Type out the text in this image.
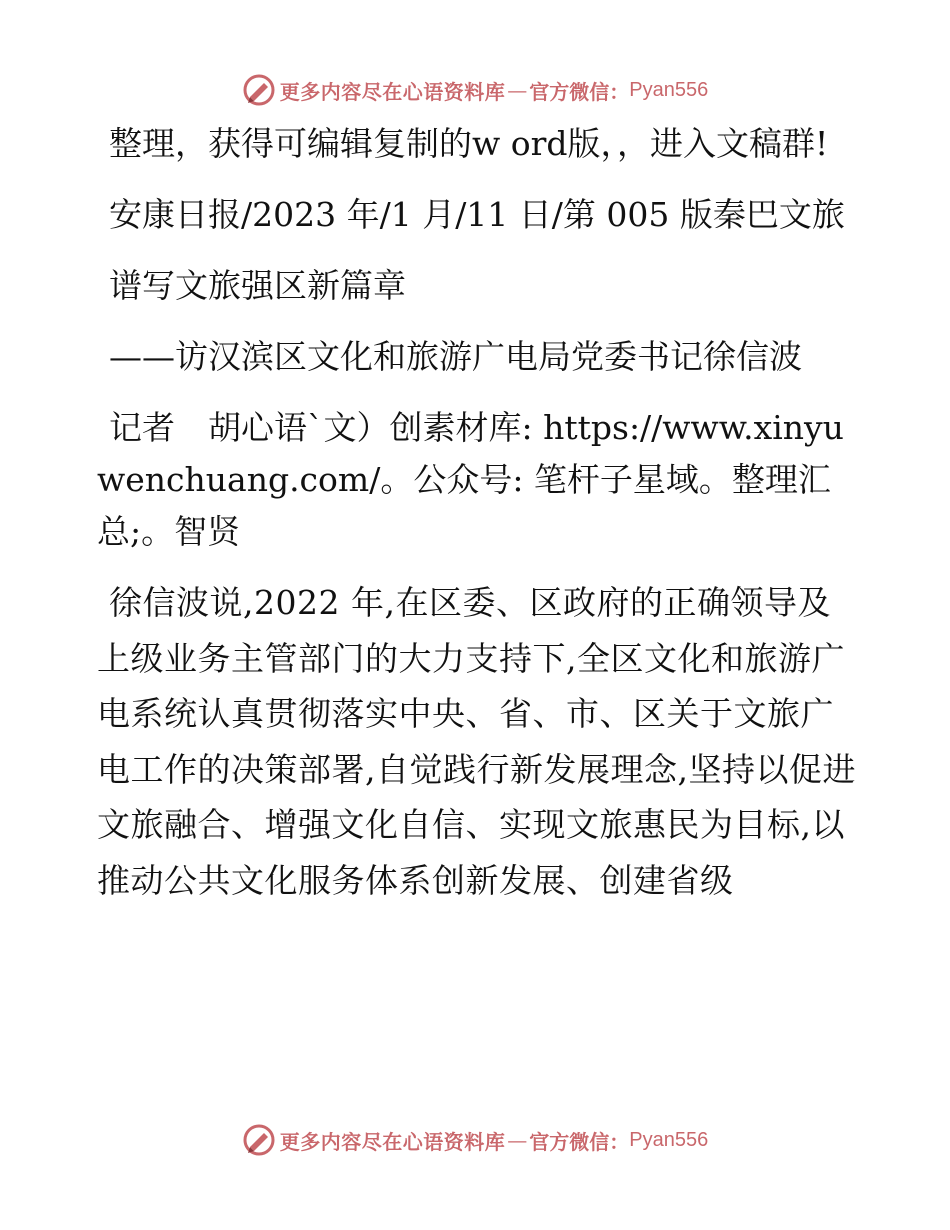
更多内容尽在心语资料库 — 官方微信： Pyan556

整理，获得可编辑复制的w ord版，，进入文稿群!

安康日报/2023 年/1 月/11 日/第 005 版秦巴文旅

谱写文旅强区新篇章

——访汉滨区文化和旅游广电局党委书记徐信波

记者　胡心语`文）创素材库: https://www.xinyuwenchuang.com/。公众号: 笔杆子星域。整理汇总;。智贤

徐信波说,2022 年,在区委、区政府的正确领导及上级业务主管部门的大力支持下,全区文化和旅游广电系统认真贯彻落实中央、省、市、区关于文旅广电工作的决策部署,自觉践行新发展理念,坚持以促进文旅融合、增强文化自信、实现文旅惠民为目标,以推动公共文化服务体系创新发展、创建省级

更多内容尽在心语资料库 — 官方微信： Pyan556
